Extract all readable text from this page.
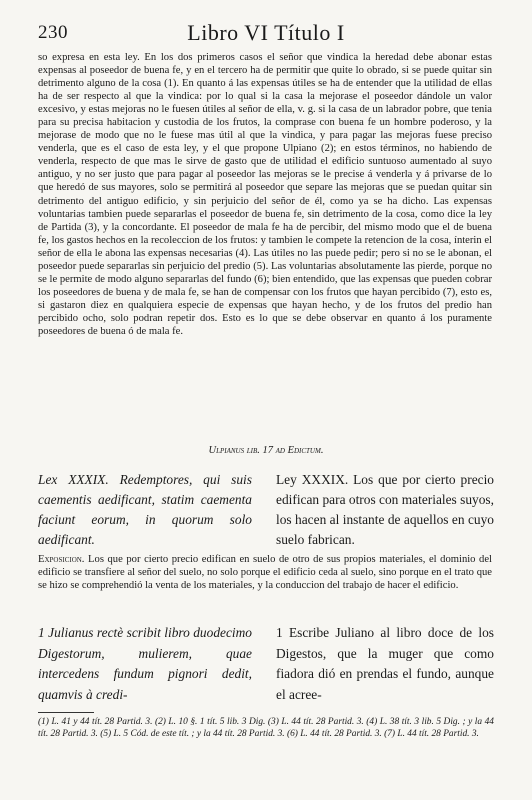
230	Libro VI Título I

so expresa en esta ley. En los dos primeros casos el señor que vindica la heredad debe abonar estas expensas al poseedor de buena fe, y en el tercero ha de permitir que quite lo obrado, si se puede quitar sin detrimento alguno de la cosa (1). En quanto á las expensas útiles se ha de entender que la utilidad de ellas ha de ser respecto al que la vindica: por lo qual si la casa la mejorase el poseedor dándole un valor excesivo, y estas mejoras no le fuesen útiles al señor de ella, v. g. si la casa de un labrador pobre, que tenia para su precisa habitacion y custodia de los frutos, la comprase con buena fe un hombre poderoso, y la mejorase de modo que no le fuese mas útil al que la vindica, y para pagar las mejoras fuese preciso venderla, que es el caso de esta ley, y el que propone Ulpiano (2); en estos términos, no habiendo de venderla, respecto de que mas le sirve de gasto que de utilidad el edificio suntuoso aumentado al suyo antiguo, y no ser justo que para pagar al poseedor las mejoras se le precise á venderla y á privarse de lo que heredó de sus mayores, solo se permitirá al poseedor que separe las mejoras que se puedan quitar sin detrimento del antiguo edificio, y sin perjuicio del señor de él, como ya se ha dicho. Las expensas voluntarias tambien puede separarlas el poseedor de buena fe, sin detrimento de la cosa, como dice la ley de Partida (3), y la concordante. El poseedor de mala fe ha de percibir, del mismo modo que el de buena fe, los gastos hechos en la recoleccion de los frutos: y tambien le compete la retencion de la cosa, ínterin el señor de ella le abona las expensas necesarias (4). Las útiles no las puede pedir; pero si no se le abonan, el poseedor puede separarlas sin perjuicio del predio (5). Las voluntarias absolutamente las pierde, porque no se le permite de modo alguno separarlas del fundo (6); bien entendido, que las expensas que pueden cobrar los poseedores de buena y de mala fe, se han de compensar con los frutos que hayan percibido (7), esto es, si gastaron diez en qualquiera especie de expensas que hayan hecho, y de los frutos del predio han percibido ocho, solo podran repetir dos. Esto es lo que se debe observar en quanto á los puramente poseedores de buena ó de mala fe.

Ulpianus lib. 17 ad Edictum.
Lex XXXIX. Redemptores, qui suis caementis aedificant, statim caementa faciunt eorum, in quorum solo aedificant.
Ley XXXIX. Los que por cierto precio edifican para otros con materiales suyos, los hacen al instante de aquellos en cuyo suelo fabrican.
Exposicion. Los que por cierto precio edifican en suelo de otro de sus propios materiales, el dominio del edificio se transfiere al señor del suelo, no solo porque el edificio ceda al suelo, sino porque en el trato que se hizo se comprehendió la venta de los materiales, y la conduccion del trabajo de hacer el edificio.
1 Julianus rectè scribit libro duodecimo Digestorum, mulierem, quae intercedens fundum pignori dedit, quamvis à credi-
1 Escribe Juliano al libro doce de los Digestos, que la muger que como fiadora dió en prendas el fundo, aunque el acree-
(1) L. 41 y 44 tít. 28 Partid. 3. (2) L. 10 §. 1 tít. 5 lib. 3 Dig. (3) L. 44 tít. 28 Partid. 3. (4) L. 38 tít. 3 lib. 5 Dig. ; y la 44 tít. 28 Partid. 3. (5) L. 5 Cód. de este tít. ; y la 44 tít. 28 Partid. 3. (6) L. 44 tít. 28 Partid. 3. (7) L. 44 tít. 28 Partid. 3.
